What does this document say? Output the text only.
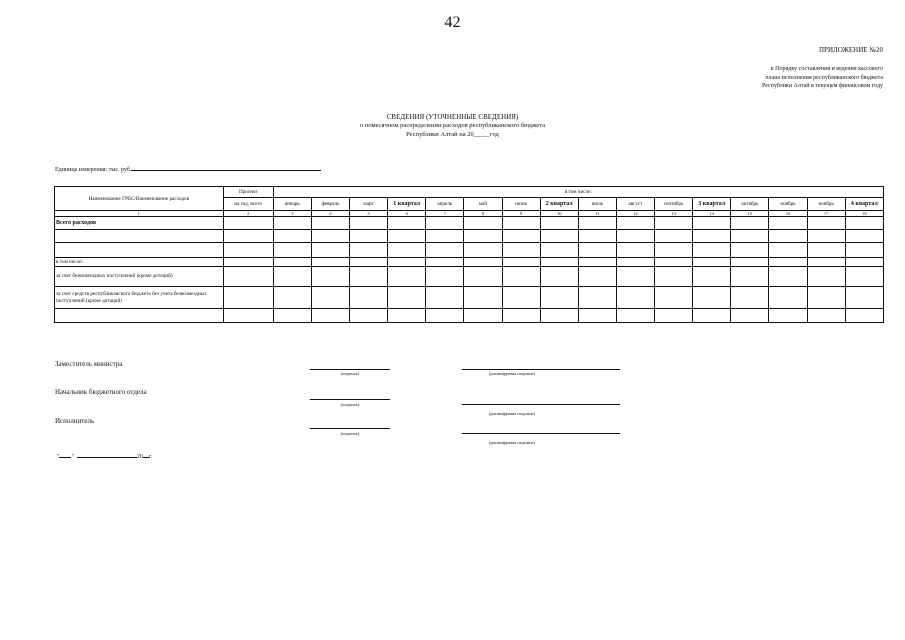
42
ПРИЛОЖЕНИЕ №20
к Порядку составления и ведения кассового
плана исполнения республиканского бюджета
Республики Алтай в текущем финансовом году
СВЕДЕНИЯ (УТОЧНЕННЫЕ СВЕДЕНИЯ)
о помесячном распределении расходов республиканского бюджета
Республики Алтай на 20_____год
Единица измерения: тыс. руб.
Наименование ГРБС/Наименование расходов	Прогноз	в том числе:															
	на год, всего	январь	февраль	март	1 квартал	апрель	май	июнь	2 квартал	июль	август	сентябрь	3 квартал	октябрь	ноябрь	ноябрь	4 квартал
1	2	3	4	5	6	7	8	9	10	11	12	13	14	15	16	17	18
Всего расходов																	

в том числе:																	
за счет безвозмездных поступлений (кроме дотаций)																	
за счет средств республиканского бюджета без учета безвозмездных поступлений (кроме дотаций)																	

Заместитель министра
(подпись)	(расшифровка подписи)
Начальник бюджетного отдела
(подпись)
(расшифровка подписи)
Исполнитель
(подпись)
(расшифровка подписи)
" "	20 г.
